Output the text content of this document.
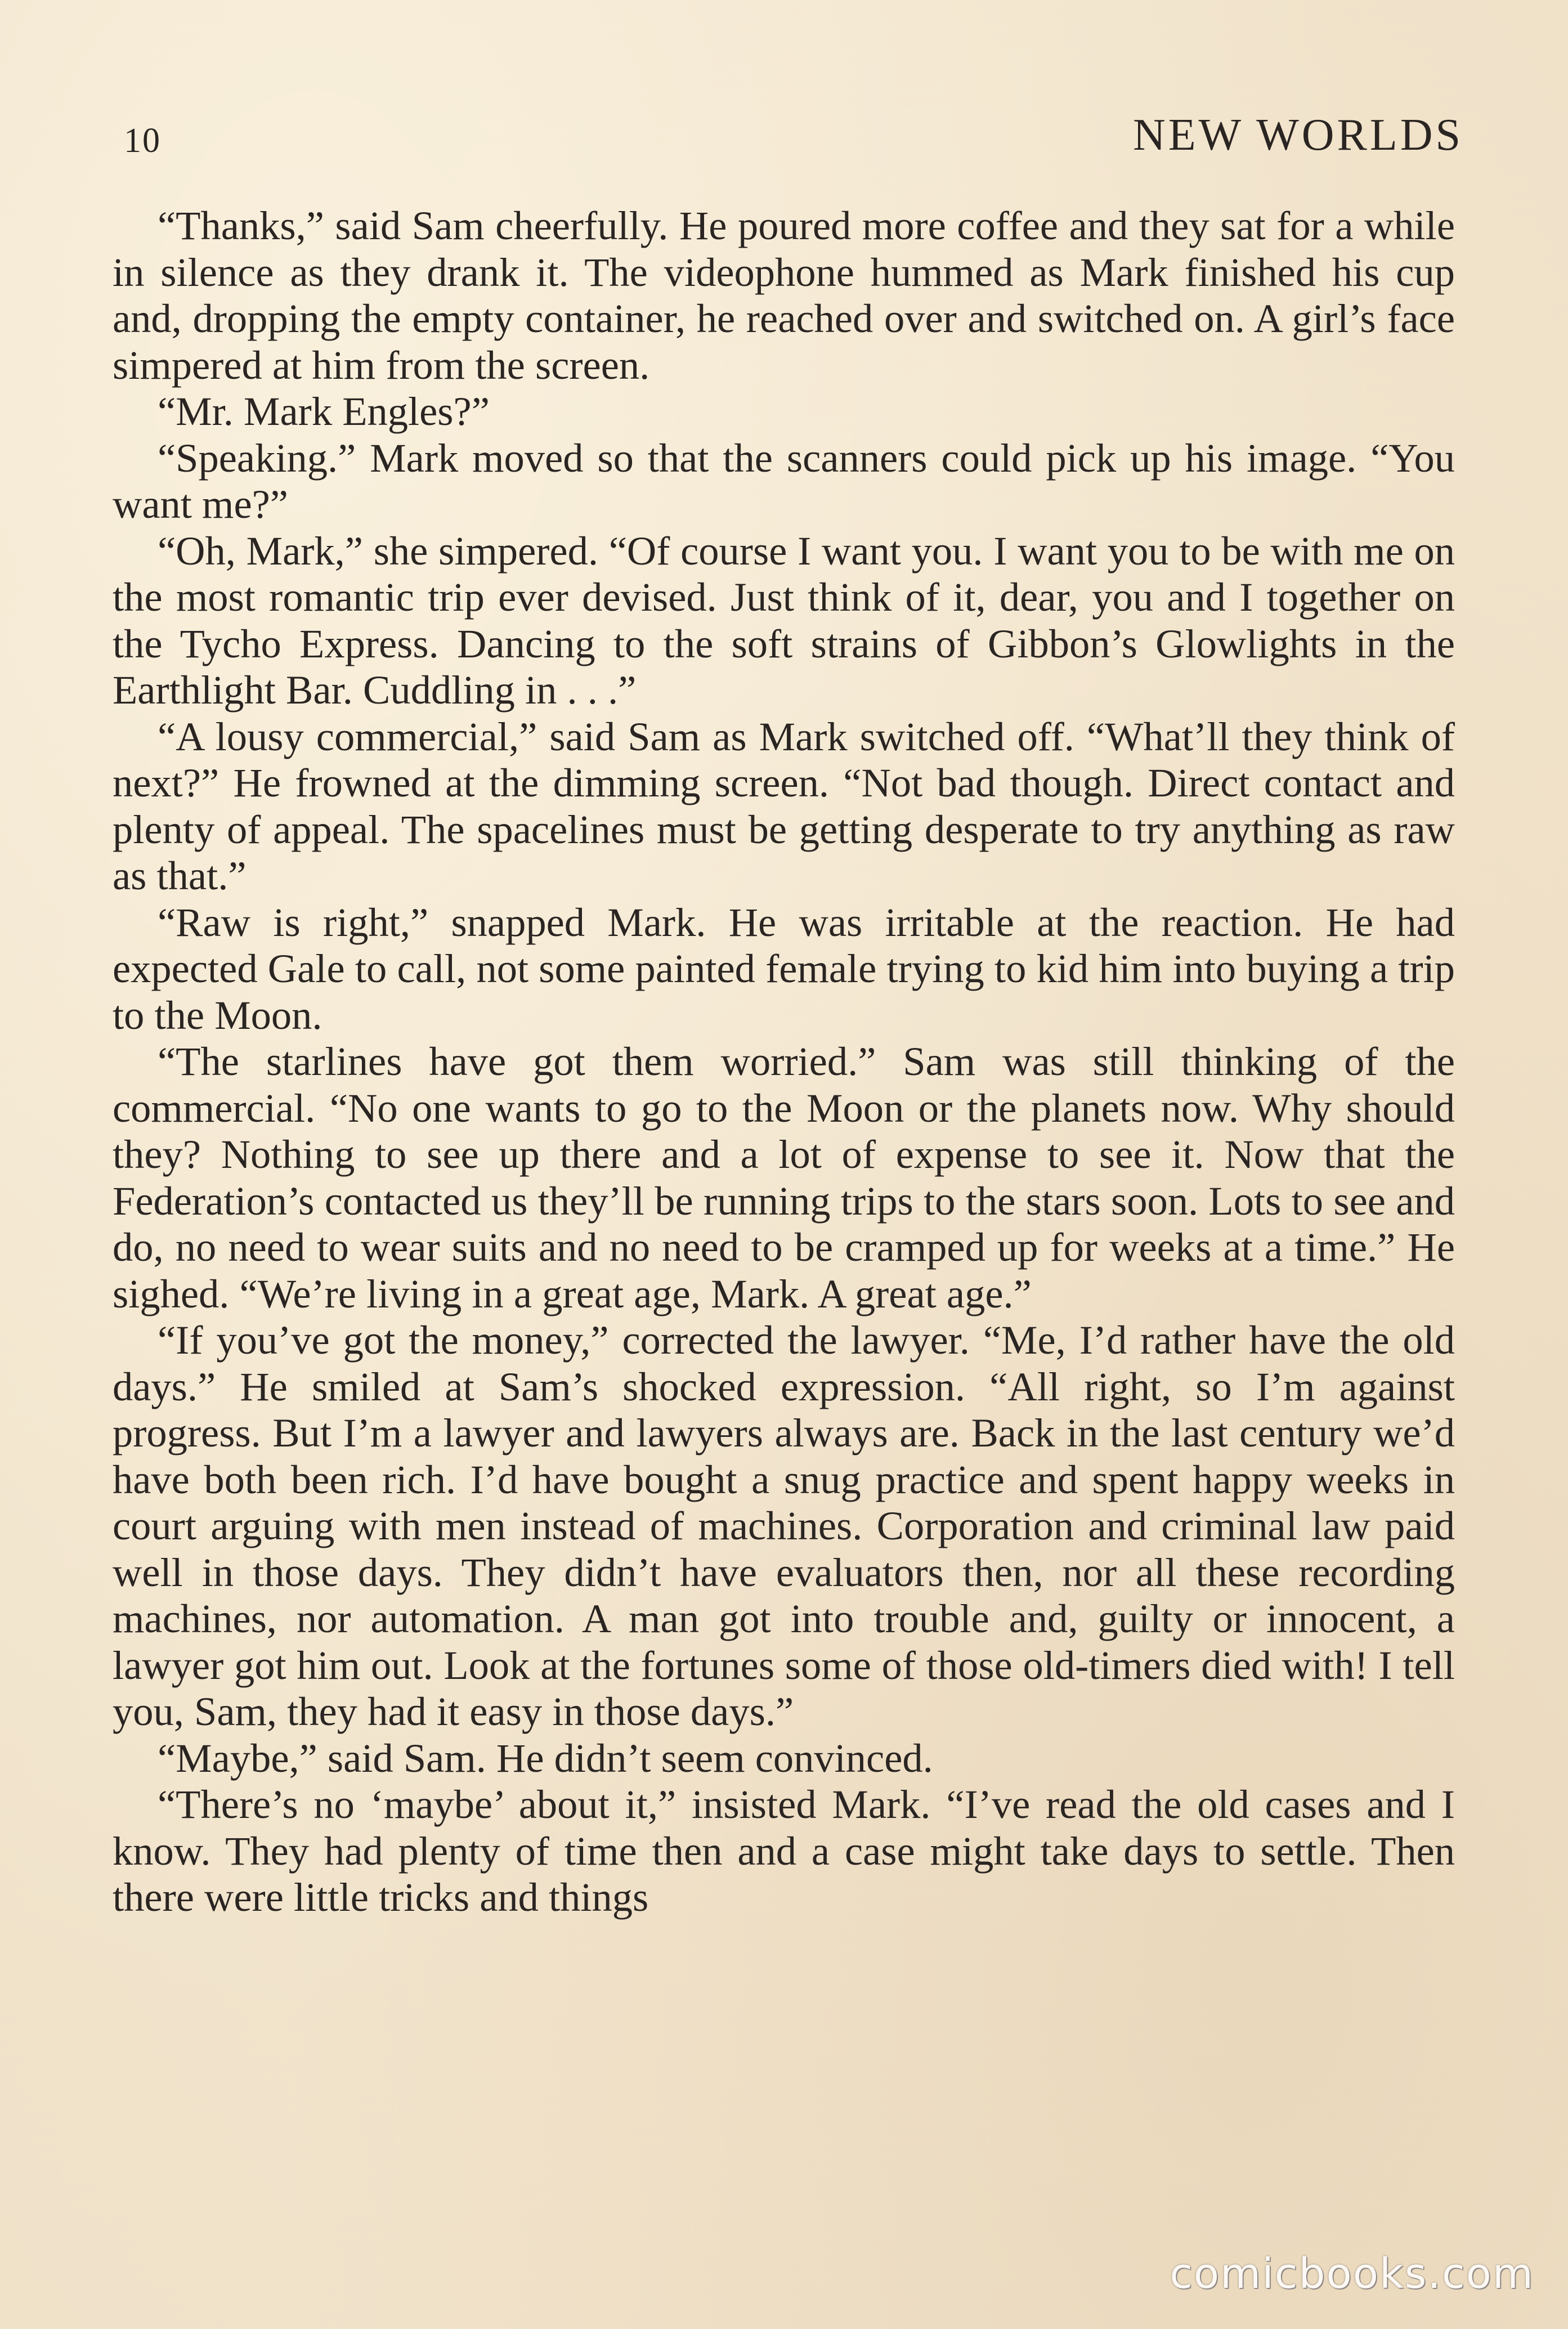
10	NEW WORLDS

“Thanks,” said Sam cheerfully. He poured more coffee and they sat for a while in silence as they drank it. The videophone hummed as Mark finished his cup and, dropping the empty container, he reached over and switched on. A girl’s face simpered at him from the screen.

“Mr. Mark Engles?”

“Speaking.” Mark moved so that the scanners could pick up his image. “You want me?”

“Oh, Mark,” she simpered. “Of course I want you. I want you to be with me on the most romantic trip ever devised. Just think of it, dear, you and I together on the Tycho Express. Dancing to the soft strains of Gibbon’s Glowlights in the Earthlight Bar. Cuddling in . . .”

“A lousy commercial,” said Sam as Mark switched off. “What’ll they think of next?” He frowned at the dimming screen. “Not bad though. Direct contact and plenty of appeal. The spacelines must be getting desperate to try anything as raw as that.”

“Raw is right,” snapped Mark. He was irritable at the reaction. He had expected Gale to call, not some painted female trying to kid him into buying a trip to the Moon.

“The starlines have got them worried.” Sam was still thinking of the commercial. “No one wants to go to the Moon or the planets now. Why should they? Nothing to see up there and a lot of expense to see it. Now that the Federation’s contacted us they’ll be running trips to the stars soon. Lots to see and do, no need to wear suits and no need to be cramped up for weeks at a time.” He sighed. “We’re living in a great age, Mark. A great age.”

“If you’ve got the money,” corrected the lawyer. “Me, I’d rather have the old days.” He smiled at Sam’s shocked expression. “All right, so I’m against progress. But I’m a lawyer and lawyers always are. Back in the last century we’d have both been rich. I’d have bought a snug practice and spent happy weeks in court arguing with men instead of machines. Corporation and criminal law paid well in those days. They didn’t have evaluators then, nor all these recording machines, nor automation. A man got into trouble and, guilty or innocent, a lawyer got him out. Look at the fortunes some of those old-timers died with! I tell you, Sam, they had it easy in those days.”

“Maybe,” said Sam. He didn’t seem convinced.

“There’s no ‘maybe’ about it,” insisted Mark. “I’ve read the old cases and I know. They had plenty of time then and a case might take days to settle. Then there were little tricks and things

comicbooks.com
